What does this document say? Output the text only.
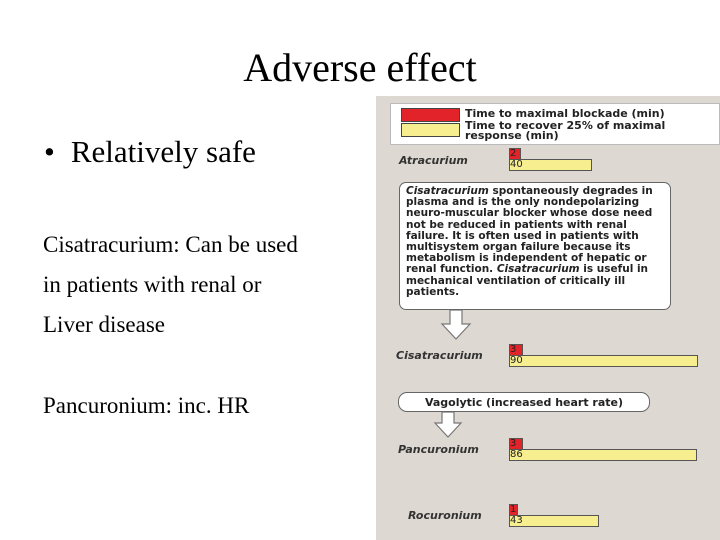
Adverse effect
• Relatively safe
Cisatracurium: Can be used
in patients with renal or
Liver disease
Pancuronium: inc. HR
Time to maximal blockade (min)
Time to recover 25% of maximal response (min)
Atracurium
2
40
Cisatracurium spontaneously degrades in plasma and is the only nondepolarizing neuro-muscular blocker whose dose need not be reduced in patients with renal failure. It is often used in patients with multisystem organ failure because its metabolism is independent of hepatic or renal function. Cisatracurium is useful in mechanical ventilation of critically ill patients.
Cisatracurium	3
90
Vagolytic (increased heart rate)
Pancuronium	3
86
Rocuronium	1
43
